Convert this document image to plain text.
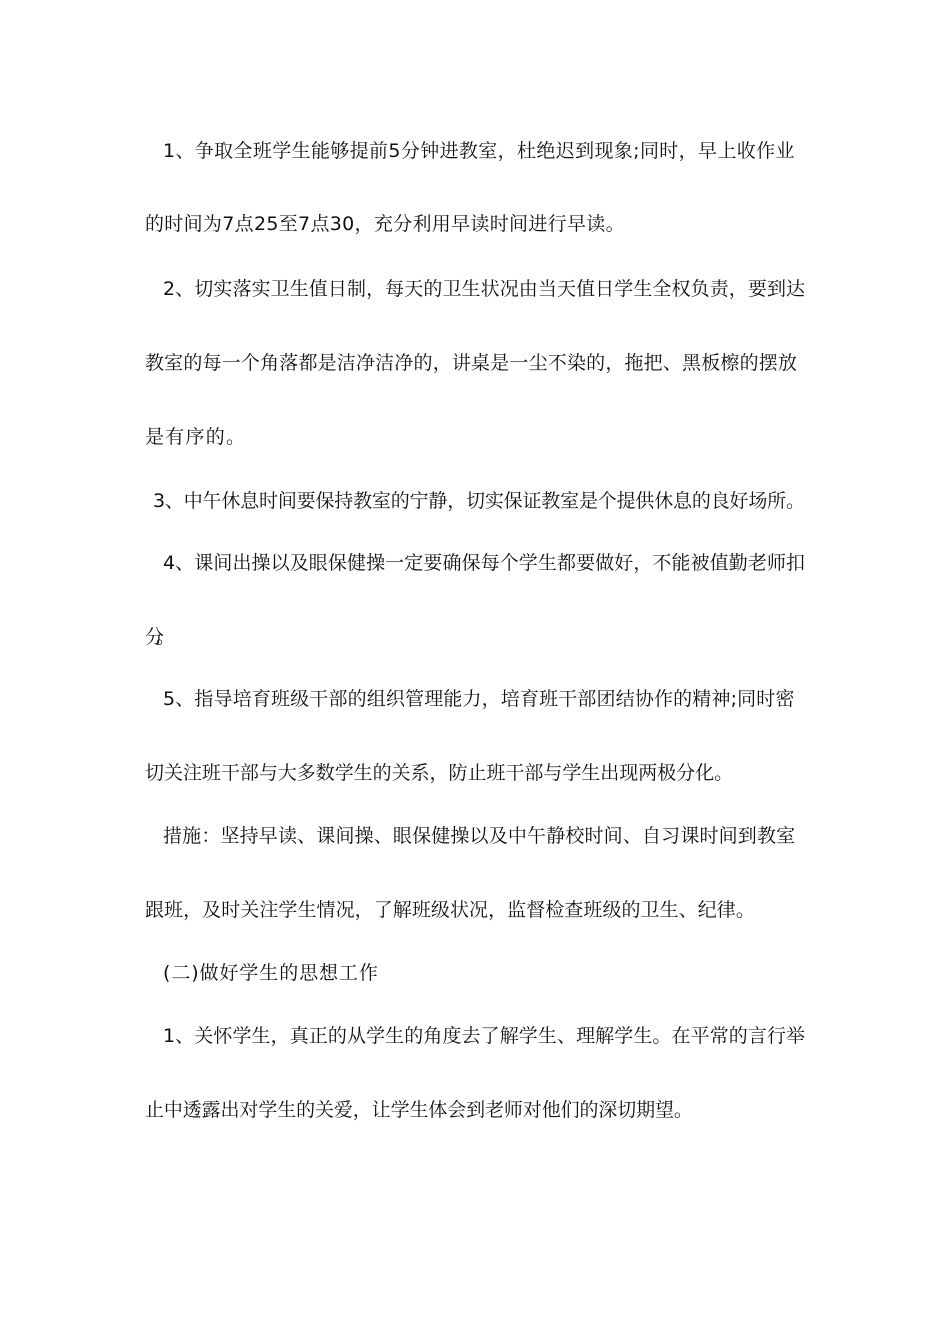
1、争取全班学生能够提前5分钟进教室，杜绝迟到现象;同时，早上收作业
的时间为7点25至7点30，充分利用早读时间进行早读。
2、切实落实卫生值日制，每天的卫生状况由当天值日学生全权负责，要到达
教室的每一个角落都是洁净洁净的，讲桌是一尘不染的，拖把、黑板檫的摆放
是有序的。
3、中午休息时间要保持教室的宁静，切实保证教室是个提供休息的良好场所。
4、课间出操以及眼保健操一定要确保每个学生都要做好，不能被值勤老师扣
分。
5、指导培育班级干部的组织管理能力，培育班干部团结协作的精神;同时密
切关注班干部与大多数学生的关系，防止班干部与学生出现两极分化。
措施：坚持早读、课间操、眼保健操以及中午静校时间、自习课时间到教室
跟班，及时关注学生情况，了解班级状况，监督检查班级的卫生、纪律。
(二)做好学生的思想工作
1、关怀学生，真正的从学生的角度去了解学生、理解学生。在平常的言行举
止中透露出对学生的关爱，让学生体会到老师对他们的深切期望。
